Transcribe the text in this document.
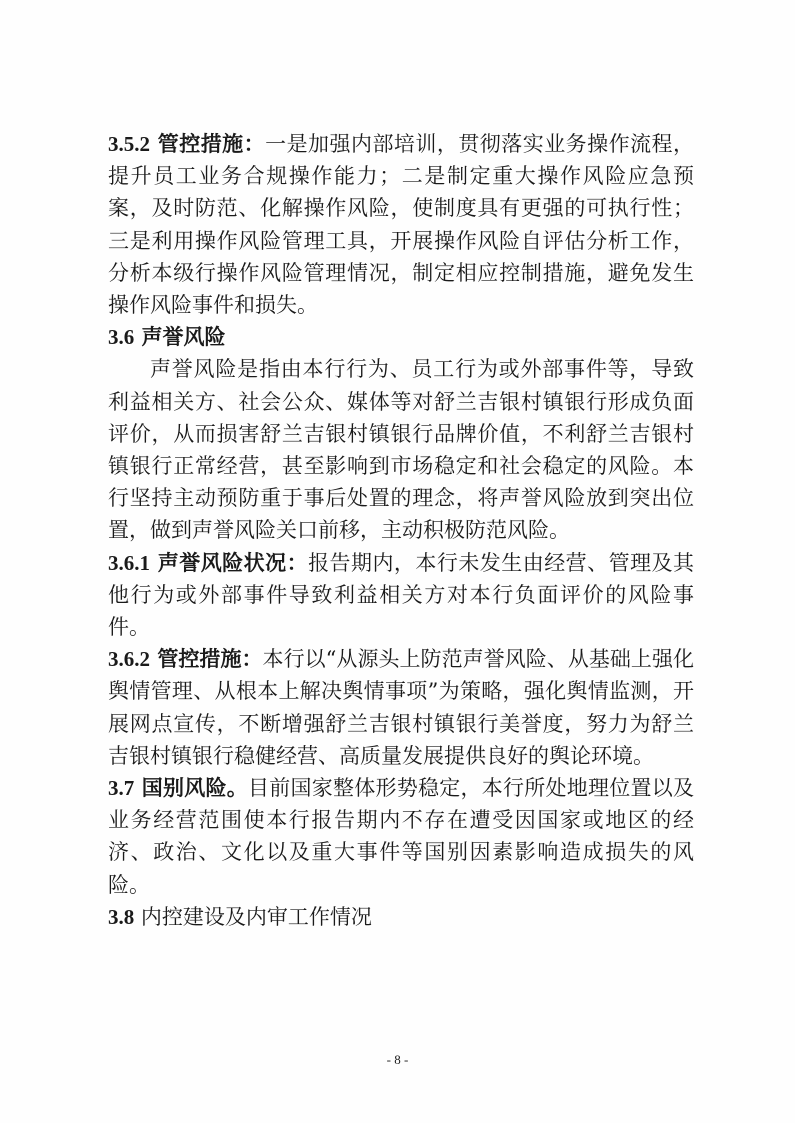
3.5.2 管控措施：一是加强内部培训，贯彻落实业务操作流程，提升员工业务合规操作能力；二是制定重大操作风险应急预案，及时防范、化解操作风险，使制度具有更强的可执行性；三是利用操作风险管理工具，开展操作风险自评估分析工作，分析本级行操作风险管理情况，制定相应控制措施，避免发生操作风险事件和损失。

3.6 声誉风险

声誉风险是指由本行行为、员工行为或外部事件等，导致利益相关方、社会公众、媒体等对舒兰吉银村镇银行形成负面评价，从而损害舒兰吉银村镇银行品牌价值，不利舒兰吉银村镇银行正常经营，甚至影响到市场稳定和社会稳定的风险。本行坚持主动预防重于事后处置的理念，将声誉风险放到突出位置，做到声誉风险关口前移，主动积极防范风险。

3.6.1 声誉风险状况：报告期内，本行未发生由经营、管理及其他行为或外部事件导致利益相关方对本行负面评价的风险事件。

3.6.2 管控措施：本行以“从源头上防范声誉风险、从基础上强化舆情管理、从根本上解决舆情事项”为策略，强化舆情监测，开展网点宣传，不断增强舒兰吉银村镇银行美誉度，努力为舒兰吉银村镇银行稳健经营、高质量发展提供良好的舆论环境。

3.7 国别风险。目前国家整体形势稳定，本行所处地理位置以及业务经营范围使本行报告期内不存在遭受因国家或地区的经济、政治、文化以及重大事件等国别因素影响造成损失的风险。

3.8 内控建设及内审工作情况

- 8 -
